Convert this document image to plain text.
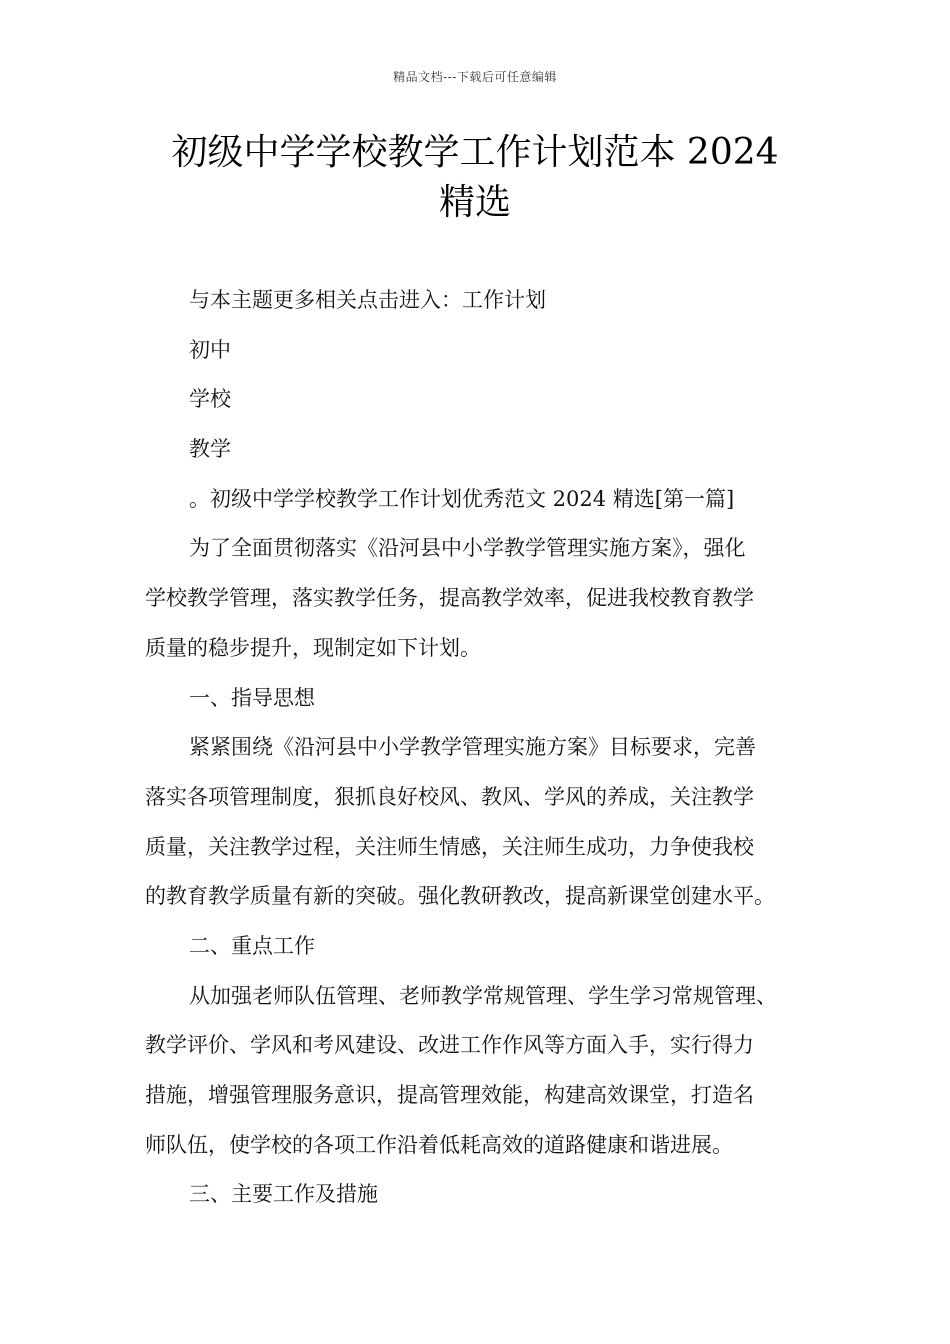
精品文档---下载后可任意编辑
初级中学学校教学工作计划范本 2024
精选
与本主题更多相关点击进入：工作计划
初中
学校
教学
。初级中学学校教学工作计划优秀范文 2024 精选[第一篇]
为了全面贯彻落实《沿河县中小学教学管理实施方案》，强化
学校教学管理，落实教学任务，提高教学效率，促进我校教育教学
质量的稳步提升，现制定如下计划。
一、指导思想
紧紧围绕《沿河县中小学教学管理实施方案》目标要求，完善
落实各项管理制度，狠抓良好校风、教风、学风的养成，关注教学
质量，关注教学过程，关注师生情感，关注师生成功，力争使我校
的教育教学质量有新的突破。强化教研教改，提高新课堂创建水平。
二、重点工作
从加强老师队伍管理、老师教学常规管理、学生学习常规管理、
教学评价、学风和考风建设、改进工作作风等方面入手，实行得力
措施，增强管理服务意识，提高管理效能，构建高效课堂，打造名
师队伍，使学校的各项工作沿着低耗高效的道路健康和谐进展。
三、主要工作及措施
